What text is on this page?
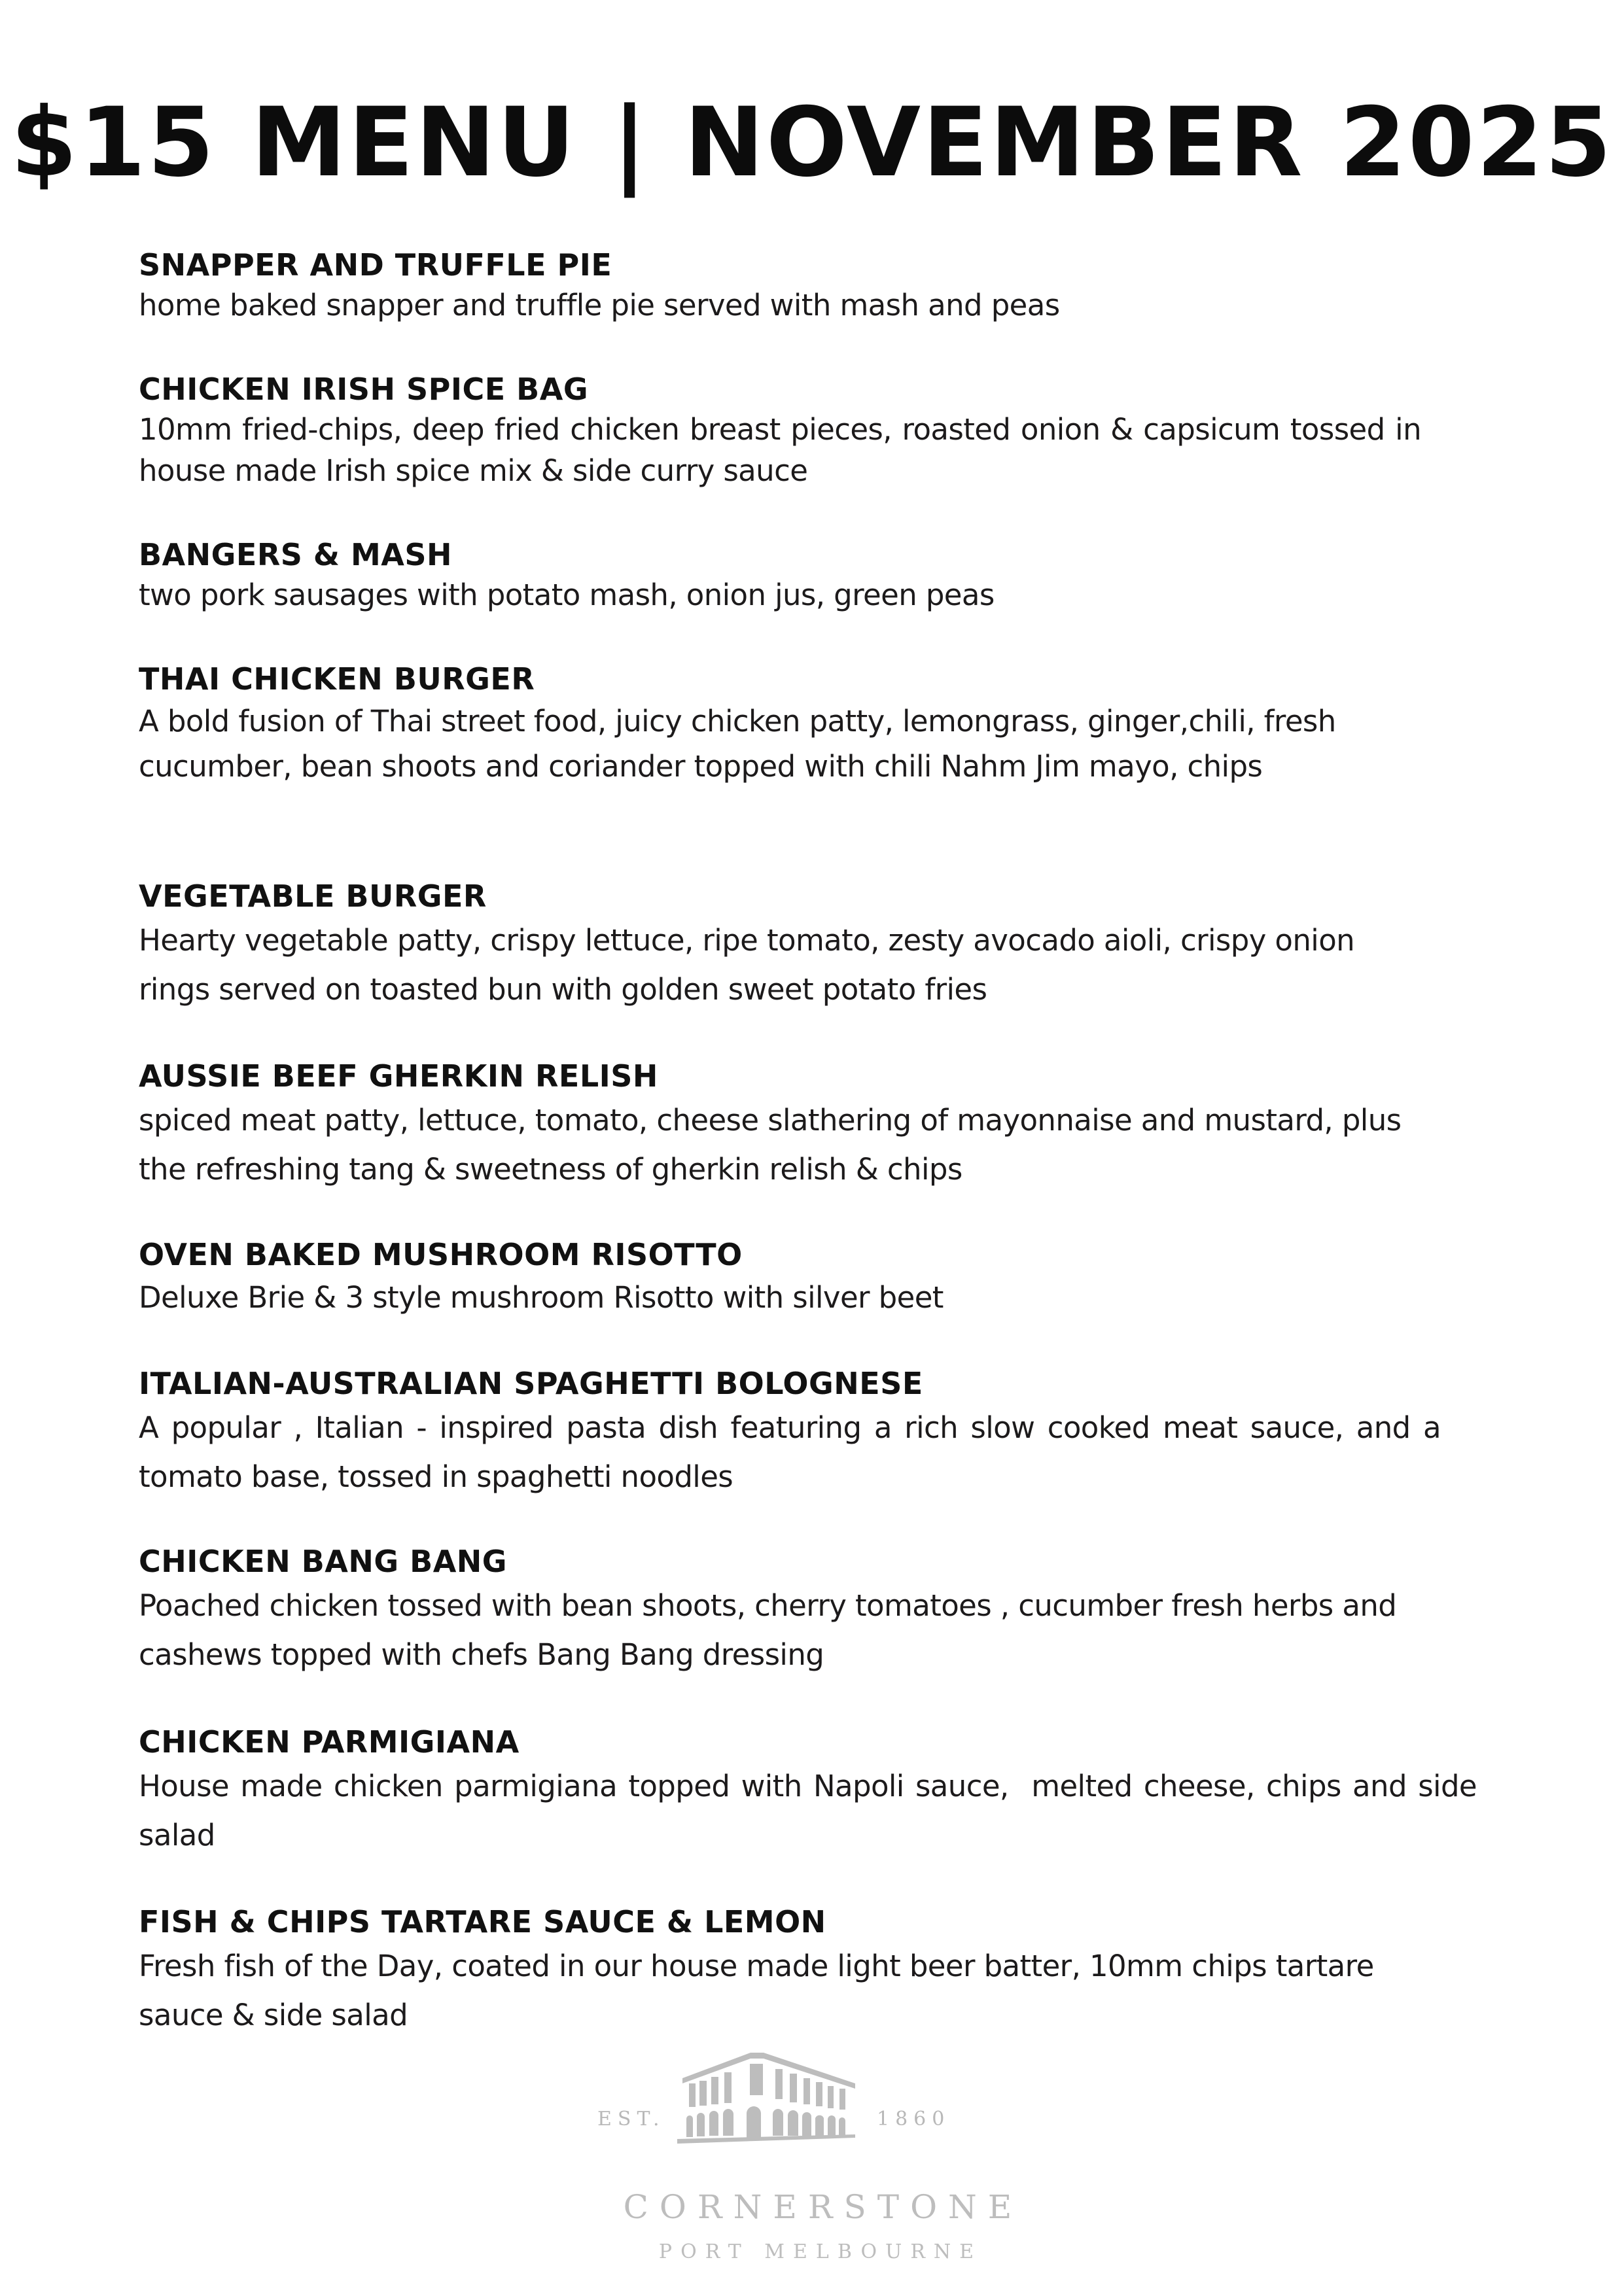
$15 MENU | NOVEMBER 2025
SNAPPER AND TRUFFLE PIE
home baked snapper and truffle pie served with mash and peas
CHICKEN IRISH SPICE BAG
10mm fried-chips, deep fried chicken breast pieces, roasted onion & capsicum tossed in house made Irish spice mix & side curry sauce
BANGERS & MASH
two pork sausages with potato mash, onion jus, green peas
THAI CHICKEN BURGER
A bold fusion of Thai street food, juicy chicken patty, lemongrass, ginger,chili, fresh cucumber, bean shoots and coriander topped with chili Nahm Jim mayo, chips
VEGETABLE BURGER
Hearty vegetable patty, crispy lettuce, ripe tomato, zesty avocado aioli, crispy onion rings served on toasted bun with golden sweet potato fries
AUSSIE BEEF GHERKIN RELISH
spiced meat patty, lettuce, tomato, cheese slathering of mayonnaise and mustard, plus the refreshing tang & sweetness of gherkin relish & chips
OVEN BAKED MUSHROOM RISOTTO
Deluxe Brie & 3 style mushroom Risotto with silver beet
ITALIAN-AUSTRALIAN SPAGHETTI BOLOGNESE
A popular , Italian - inspired pasta dish featuring a rich slow cooked meat sauce, and a tomato base, tossed in spaghetti noodles
CHICKEN BANG BANG
Poached chicken tossed with bean shoots, cherry tomatoes , cucumber fresh herbs and cashews topped with chefs Bang Bang dressing
CHICKEN PARMIGIANA
House made chicken parmigiana topped with Napoli sauce,  melted cheese, chips and side salad
FISH & CHIPS TARTARE SAUCE & LEMON
Fresh fish of the Day, coated in our house made light beer batter, 10mm chips tartare sauce & side salad
EST.	1860
CORNERSTONE
PORT MELBOURNE
